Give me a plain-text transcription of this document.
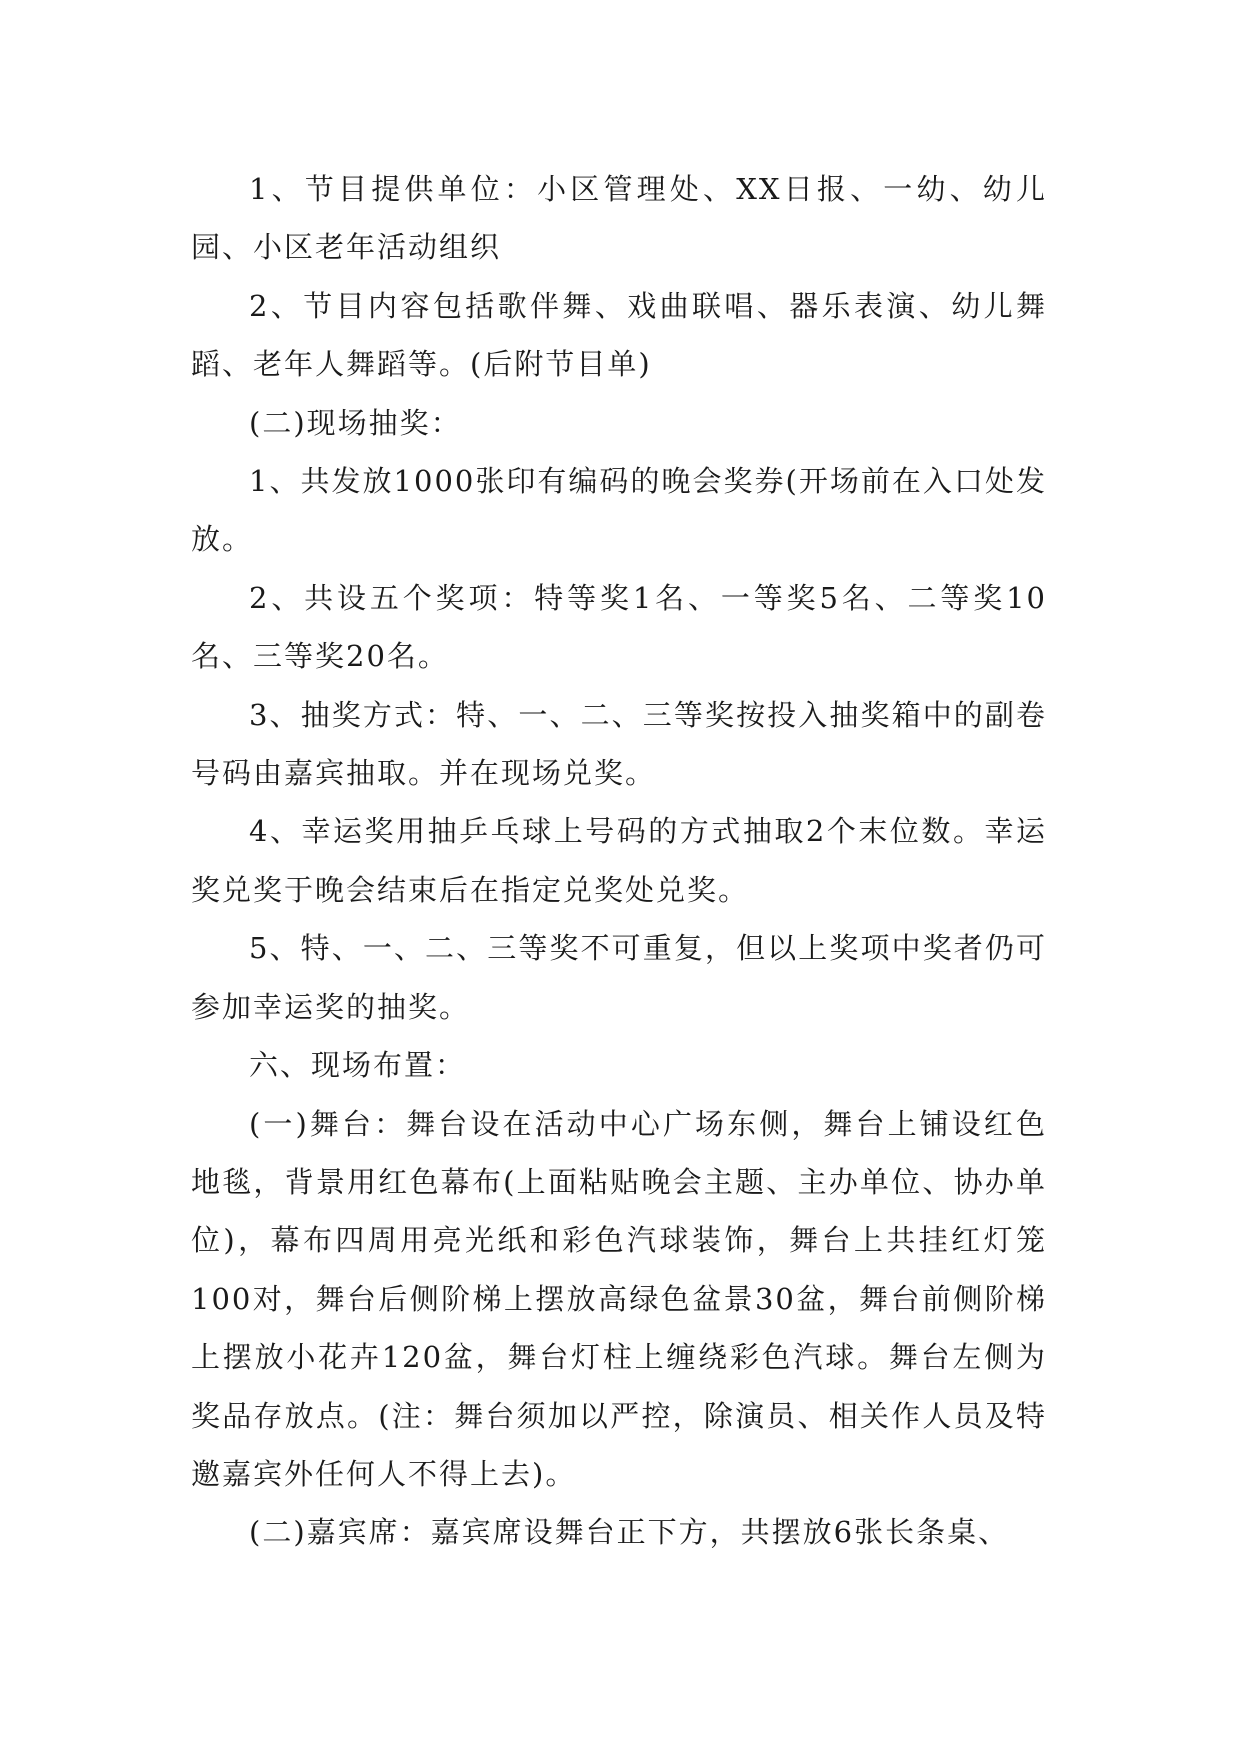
1、节目提供单位：小区管理处、XX日报、一幼、幼儿园、小区老年活动组织

2、节目内容包括歌伴舞、戏曲联唱、器乐表演、幼儿舞蹈、老年人舞蹈等。(后附节目单)

(二)现场抽奖：

1、共发放1000张印有编码的晚会奖券(开场前在入口处发放。

2、共设五个奖项：特等奖1名、一等奖5名、二等奖10名、三等奖20名。

3、抽奖方式：特、一、二、三等奖按投入抽奖箱中的副卷号码由嘉宾抽取。并在现场兑奖。

4、幸运奖用抽乒乓球上号码的方式抽取2个末位数。幸运奖兑奖于晚会结束后在指定兑奖处兑奖。

5、特、一、二、三等奖不可重复，但以上奖项中奖者仍可参加幸运奖的抽奖。

六、现场布置：

(一)舞台：舞台设在活动中心广场东侧，舞台上铺设红色地毯，背景用红色幕布(上面粘贴晚会主题、主办单位、协办单位)，幕布四周用亮光纸和彩色汽球装饰，舞台上共挂红灯笼100对，舞台后侧阶梯上摆放高绿色盆景30盆，舞台前侧阶梯上摆放小花卉120盆，舞台灯柱上缠绕彩色汽球。舞台左侧为奖品存放点。(注：舞台须加以严控，除演员、相关作人员及特邀嘉宾外任何人不得上去)。

(二)嘉宾席：嘉宾席设舞台正下方，共摆放6张长条桌、
